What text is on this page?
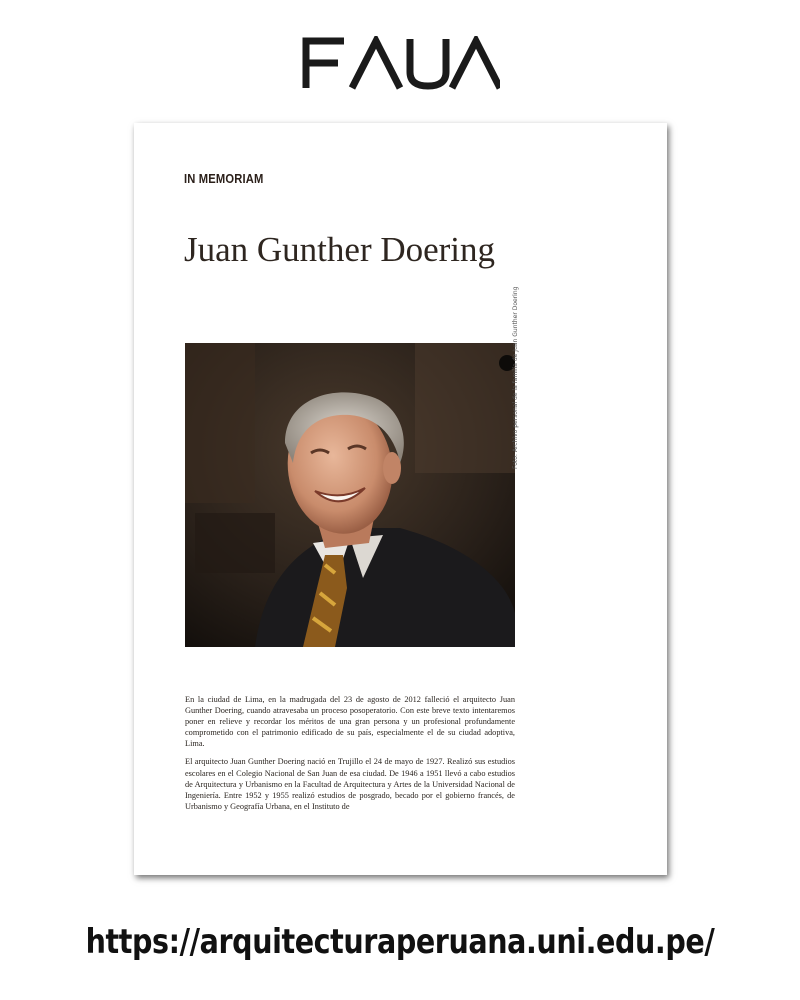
IN MEMORIAM
Juan Gunther Doering
Foto: Archivo personal de la familia de Juan Gunther Doering

En la ciudad de Lima, en la madrugada del 23 de agosto de 2012 falleció el arquitecto Juan Gunther Doering, cuando atravesaba un proceso posoperatorio. Con este breve texto intentaremos poner en relieve y recordar los méritos de una gran persona y un profesional profundamente comprometido con el patrimonio edificado de su país, especialmente el de su ciudad adoptiva, Lima.

El arquitecto Juan Gunther Doering nació en Trujillo el 24 de mayo de 1927. Realizó sus estudios escolares en el Colegio Nacional de San Juan de esa ciudad. De 1946 a 1951 llevó a cabo estudios de Arquitectura y Urbanismo en la Facultad de Arquitectura y Artes de la Universidad Nacional de Ingeniería. Entre 1952 y 1955 realizó estudios de posgrado, becado por el gobierno francés, de Urbanismo y Geografía Urbana, en el Instituto de

https://arquitecturaperuana.uni.edu.pe/
